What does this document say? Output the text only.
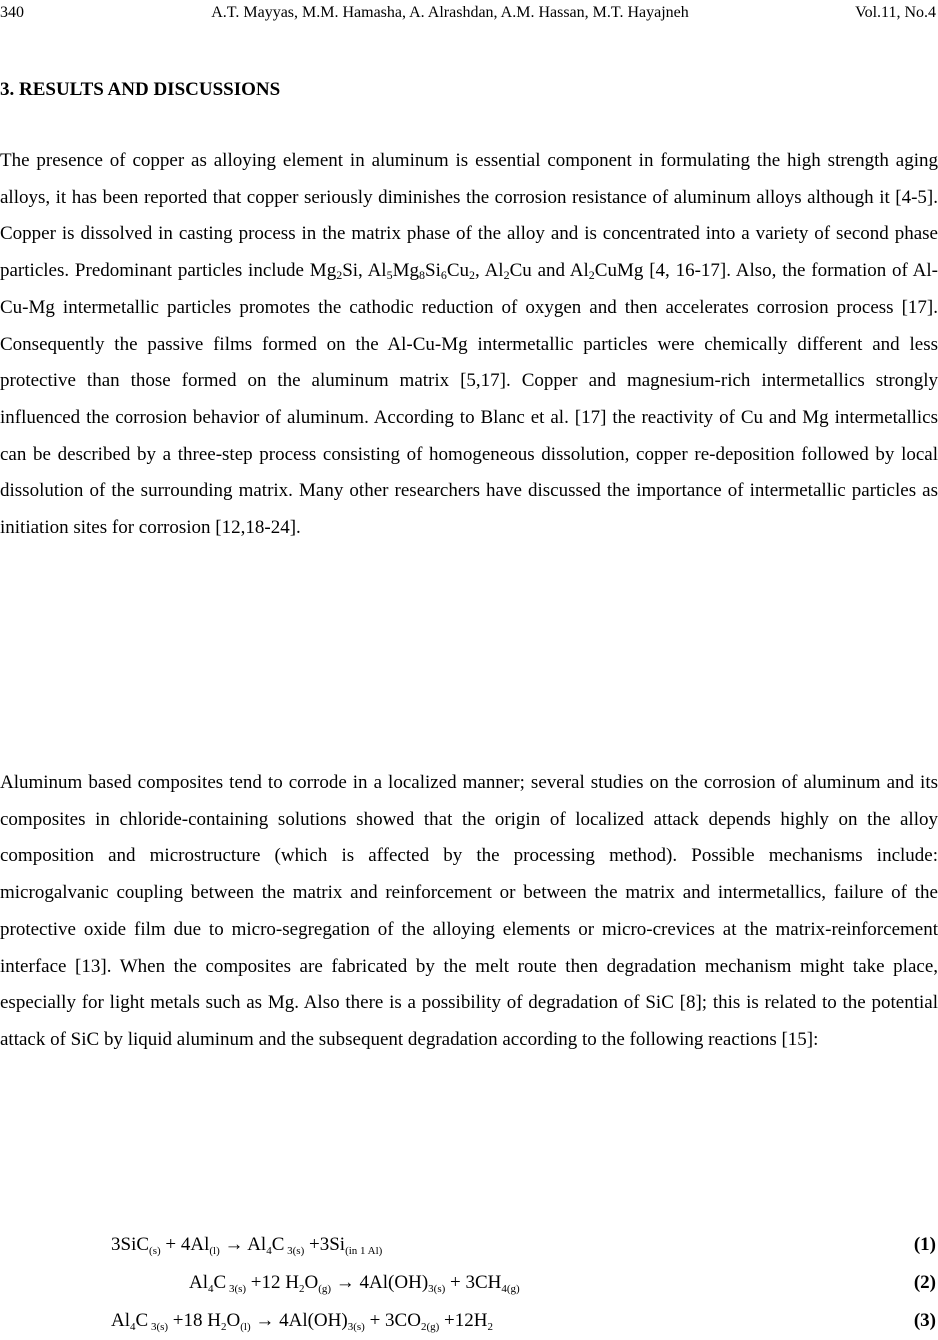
340	A.T. Mayyas, M.M. Hamasha, A. Alrashdan, A.M. Hassan, M.T. Hayajneh	Vol.11, No.4
3. RESULTS AND DISCUSSIONS
The presence of copper as alloying element in aluminum is essential component in formulating the high strength aging alloys, it has been reported that copper seriously diminishes the corrosion resistance of aluminum alloys although it [4-5]. Copper is dissolved in casting process in the matrix phase of the alloy and is concentrated into a variety of second phase particles. Predominant particles include $Mg_2Si$, $Al_5Mg_8Si_6Cu_2$, $Al_2Cu$ and $Al_2CuMg$ [4, 16-17]. Also, the formation of Al-Cu-Mg intermetallic particles promotes the cathodic reduction of oxygen and then accelerates corrosion process [17]. Consequently the passive films formed on the Al-Cu-Mg intermetallic particles were chemically different and less protective than those formed on the aluminum matrix [5,17]. Copper and magnesium-rich intermetallics strongly influenced the corrosion behavior of aluminum. According to Blanc et al. [17] the reactivity of Cu and Mg intermetallics can be described by a three-step process consisting of homogeneous dissolution, copper re-deposition followed by local dissolution of the surrounding matrix. Many other researchers have discussed the importance of intermetallic particles as initiation sites for corrosion [12,18-24].
Aluminum based composites tend to corrode in a localized manner; several studies on the corrosion of aluminum and its composites in chloride-containing solutions showed that the origin of localized attack depends highly on the alloy composition and microstructure (which is affected by the processing method). Possible mechanisms include: microgalvanic coupling between the matrix and reinforcement or between the matrix and intermetallics, failure of the protective oxide film due to micro-segregation of the alloying elements or micro-crevices at the matrix-reinforcement interface [13]. When the composites are fabricated by the melt route then degradation mechanism might take place, especially for light metals such as Mg. Also there is a possibility of degradation of SiC [8]; this is related to the potential attack of SiC by liquid aluminum and the subsequent degradation according to the following reactions [15]:
$3SiC_{(s)} + 4Al_{(l)} \to Al_4C$ $_{3(s)} +3Si_{(in 1 Al)}$	(1)
$Al_4C$ $_{3(s)}$ +12 $H_2O_{(g)} \to 4Al(OH)_{3(s)} + 3CH_{4(g)}$	(2)
$Al_4C$ $_{3(s)}$ +18 $H_2O_{(l)} \to 4Al(OH)_{3(s)} + 3CO_{2(g)} +12H_2$	(3)
